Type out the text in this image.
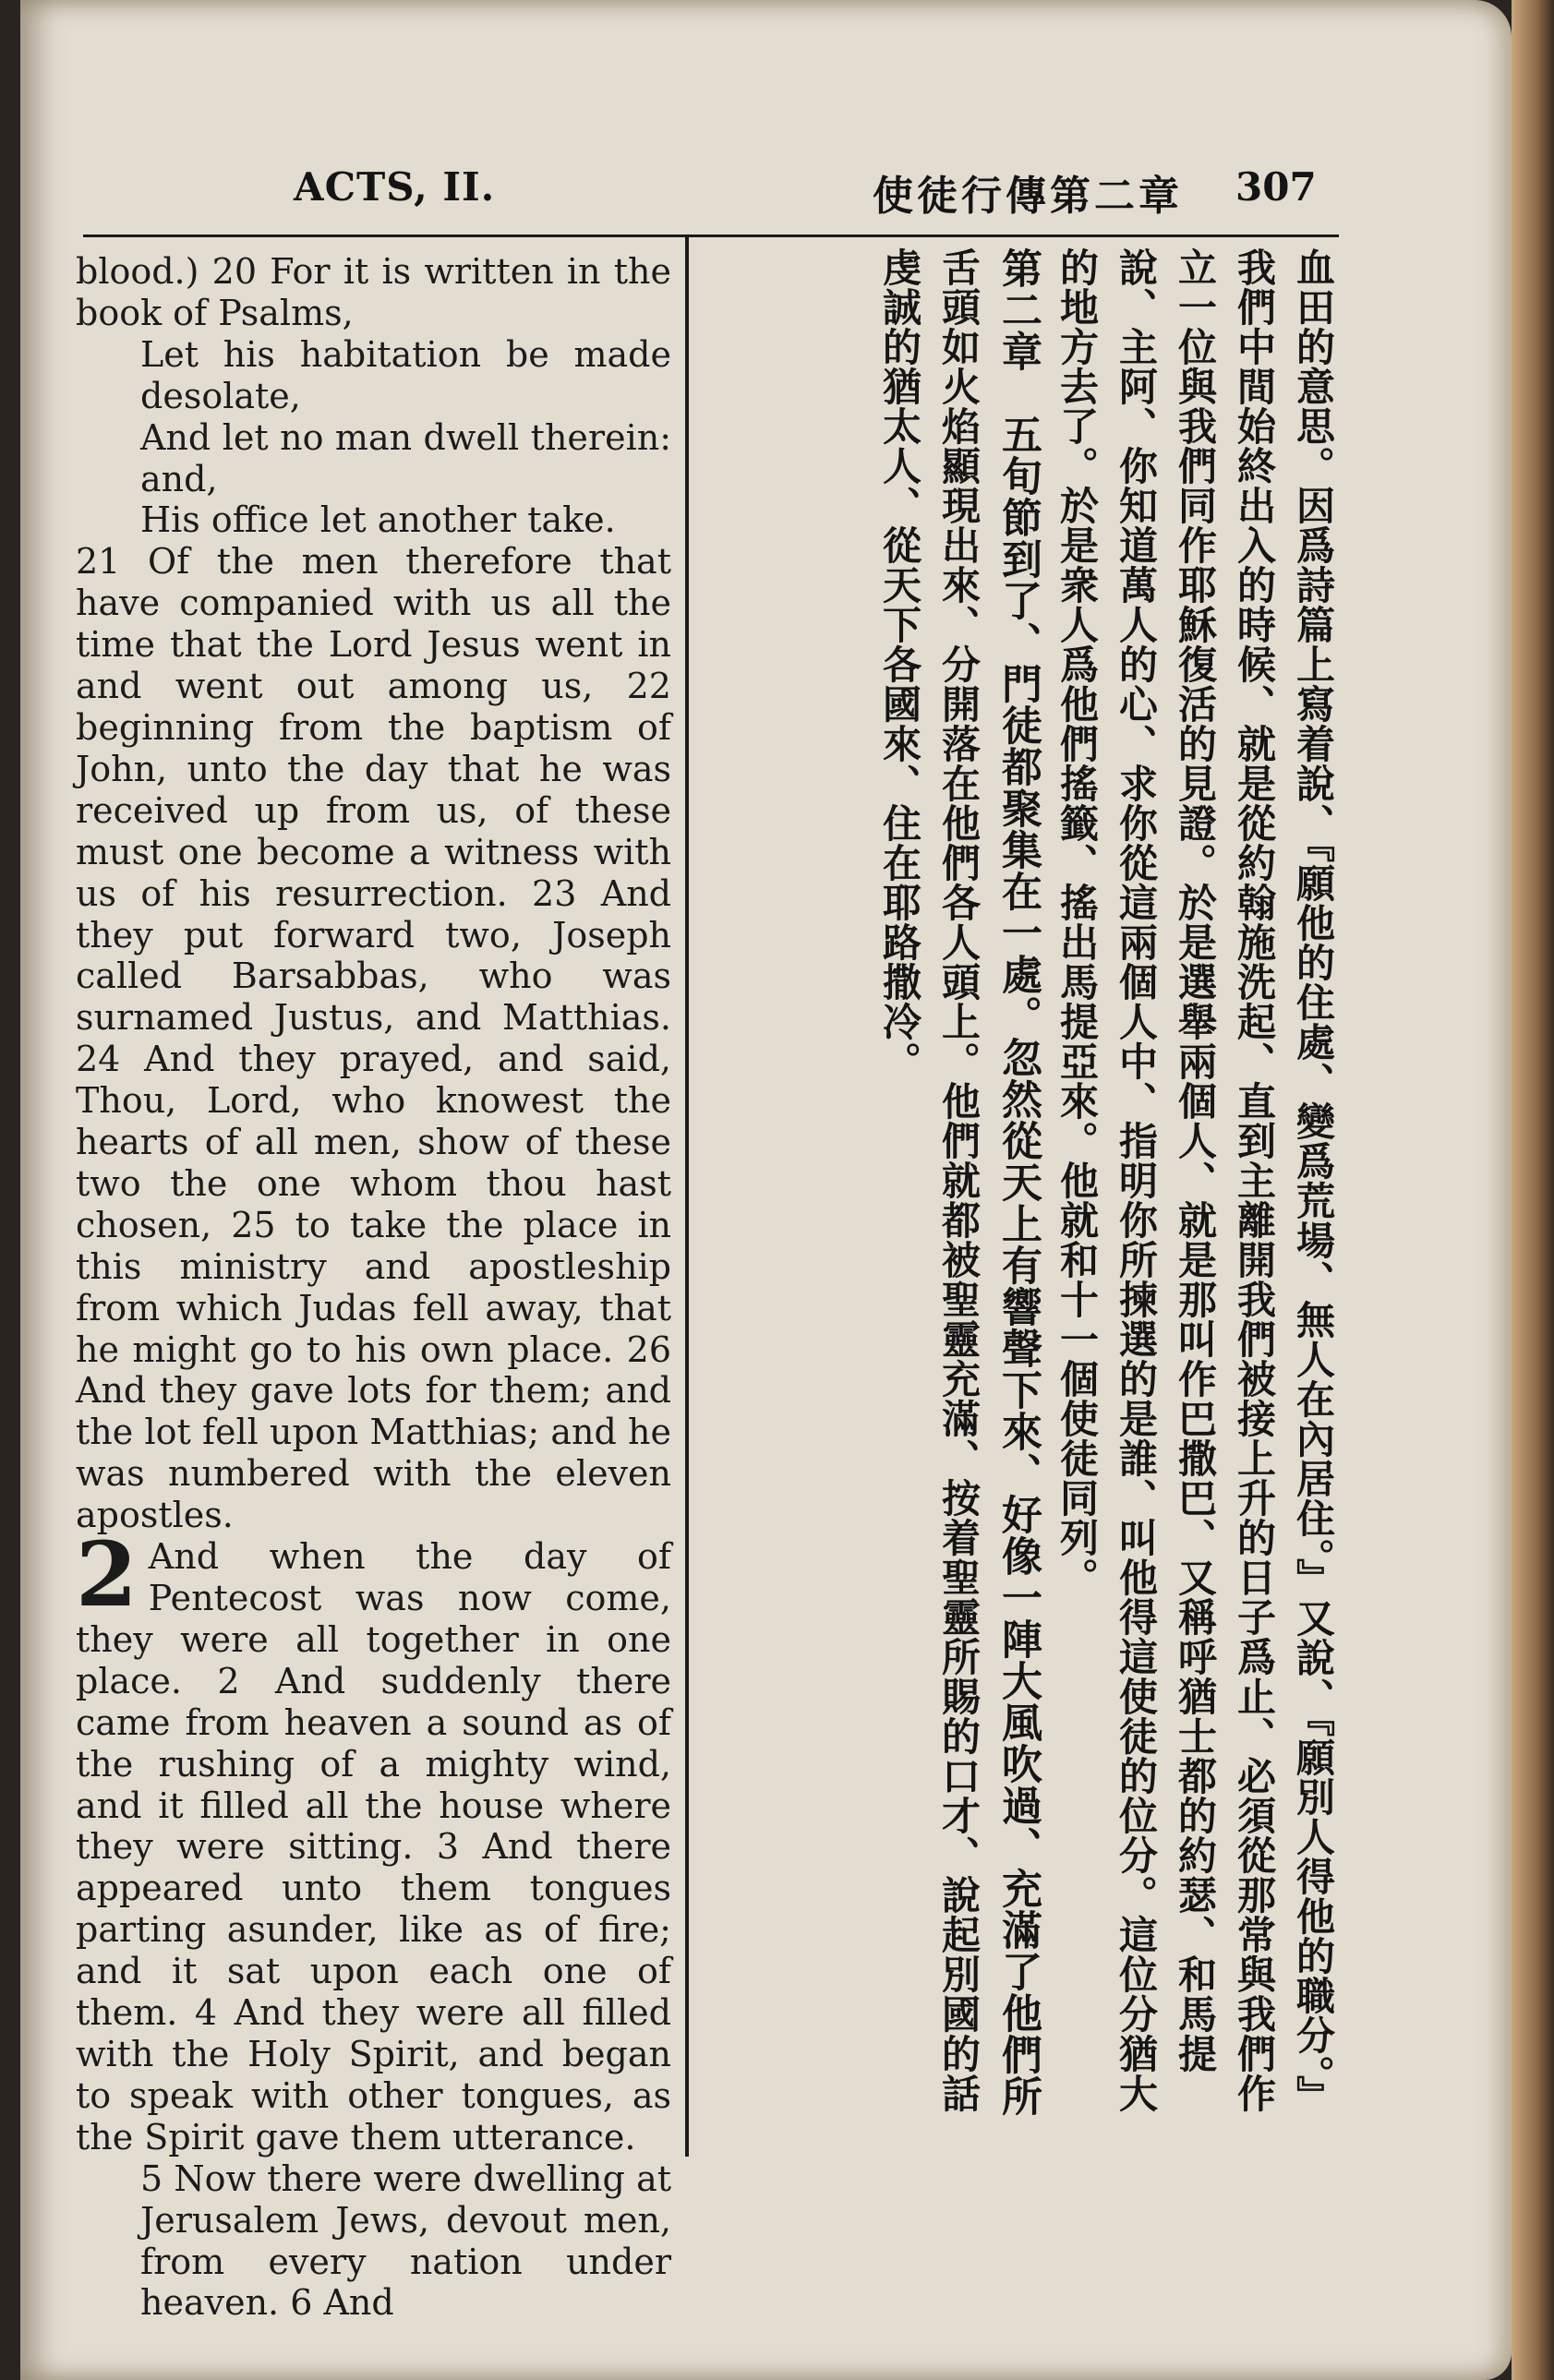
ACTS, II.	使徒行傳第二章 307

blood.) 20 For it is written in the book of Psalms,

Let his habitation be made desolate,

And let no man dwell therein: and,

His office let another take.

21 Of the men therefore that have companied with us all the time that the Lord Jesus went in and went out among us, 22 beginning from the baptism of John, unto the day that he was received up from us, of these must one become a witness with us of his resurrection. 23 And they put forward two, Joseph called Barsabbas, who was surnamed Justus, and Matthias. 24 And they prayed, and said, Thou, Lord, who knowest the hearts of all men, show of these two the one whom thou hast chosen, 25 to take the place in this ministry and apostleship from which Judas fell away, that he might go to his own place. 26 And they gave lots for them; and the lot fell upon Matthias; and he was numbered with the eleven apostles.

2 And when the day of Pentecost was now come, they were all together in one place. 2 And suddenly there came from heaven a sound as of the rushing of a mighty wind, and it filled all the house where they were sitting. 3 And there appeared unto them tongues parting asunder, like as of fire; and it sat upon each one of them. 4 And they were all filled with the Holy Spirit, and began to speak with other tongues, as the Spirit gave them utterance.

5 Now there were dwelling at Jerusalem Jews, devout men, from every nation under heaven. 6 And

血田的意思。因爲詩篇上寫着說、『願他的住處、變爲荒場、無人在內居住。』又說、『願別人得他的職分。』
我們中間始終出入的時候、就是從約翰施洗起、直到主離開我們被接上升的日子爲止、必須從那常與我們作
立一位與我們同作耶穌復活的見證。於是選舉兩個人、就是那叫作巴撒巴、又稱呼猶士都的約瑟、和馬提
說、主阿、你知道萬人的心、求你從這兩個人中、指明你所揀選的是誰、叫他得這使徒的位分。這位分猶大
的地方去了。於是衆人爲他們搖籤、搖出馬提亞來。他就和十一個使徒同列。
第二章　五旬節到了、門徒都聚集在一處。忽然從天上有響聲下來、好像一陣大風吹過、充滿了他們所
舌頭如火焰顯現出來、分開落在他們各人頭上。他們就都被聖靈充滿、按着聖靈所賜的口才、說起別國的話
虔誠的猶太人、從天下各國來、住在耶路撒冷。
